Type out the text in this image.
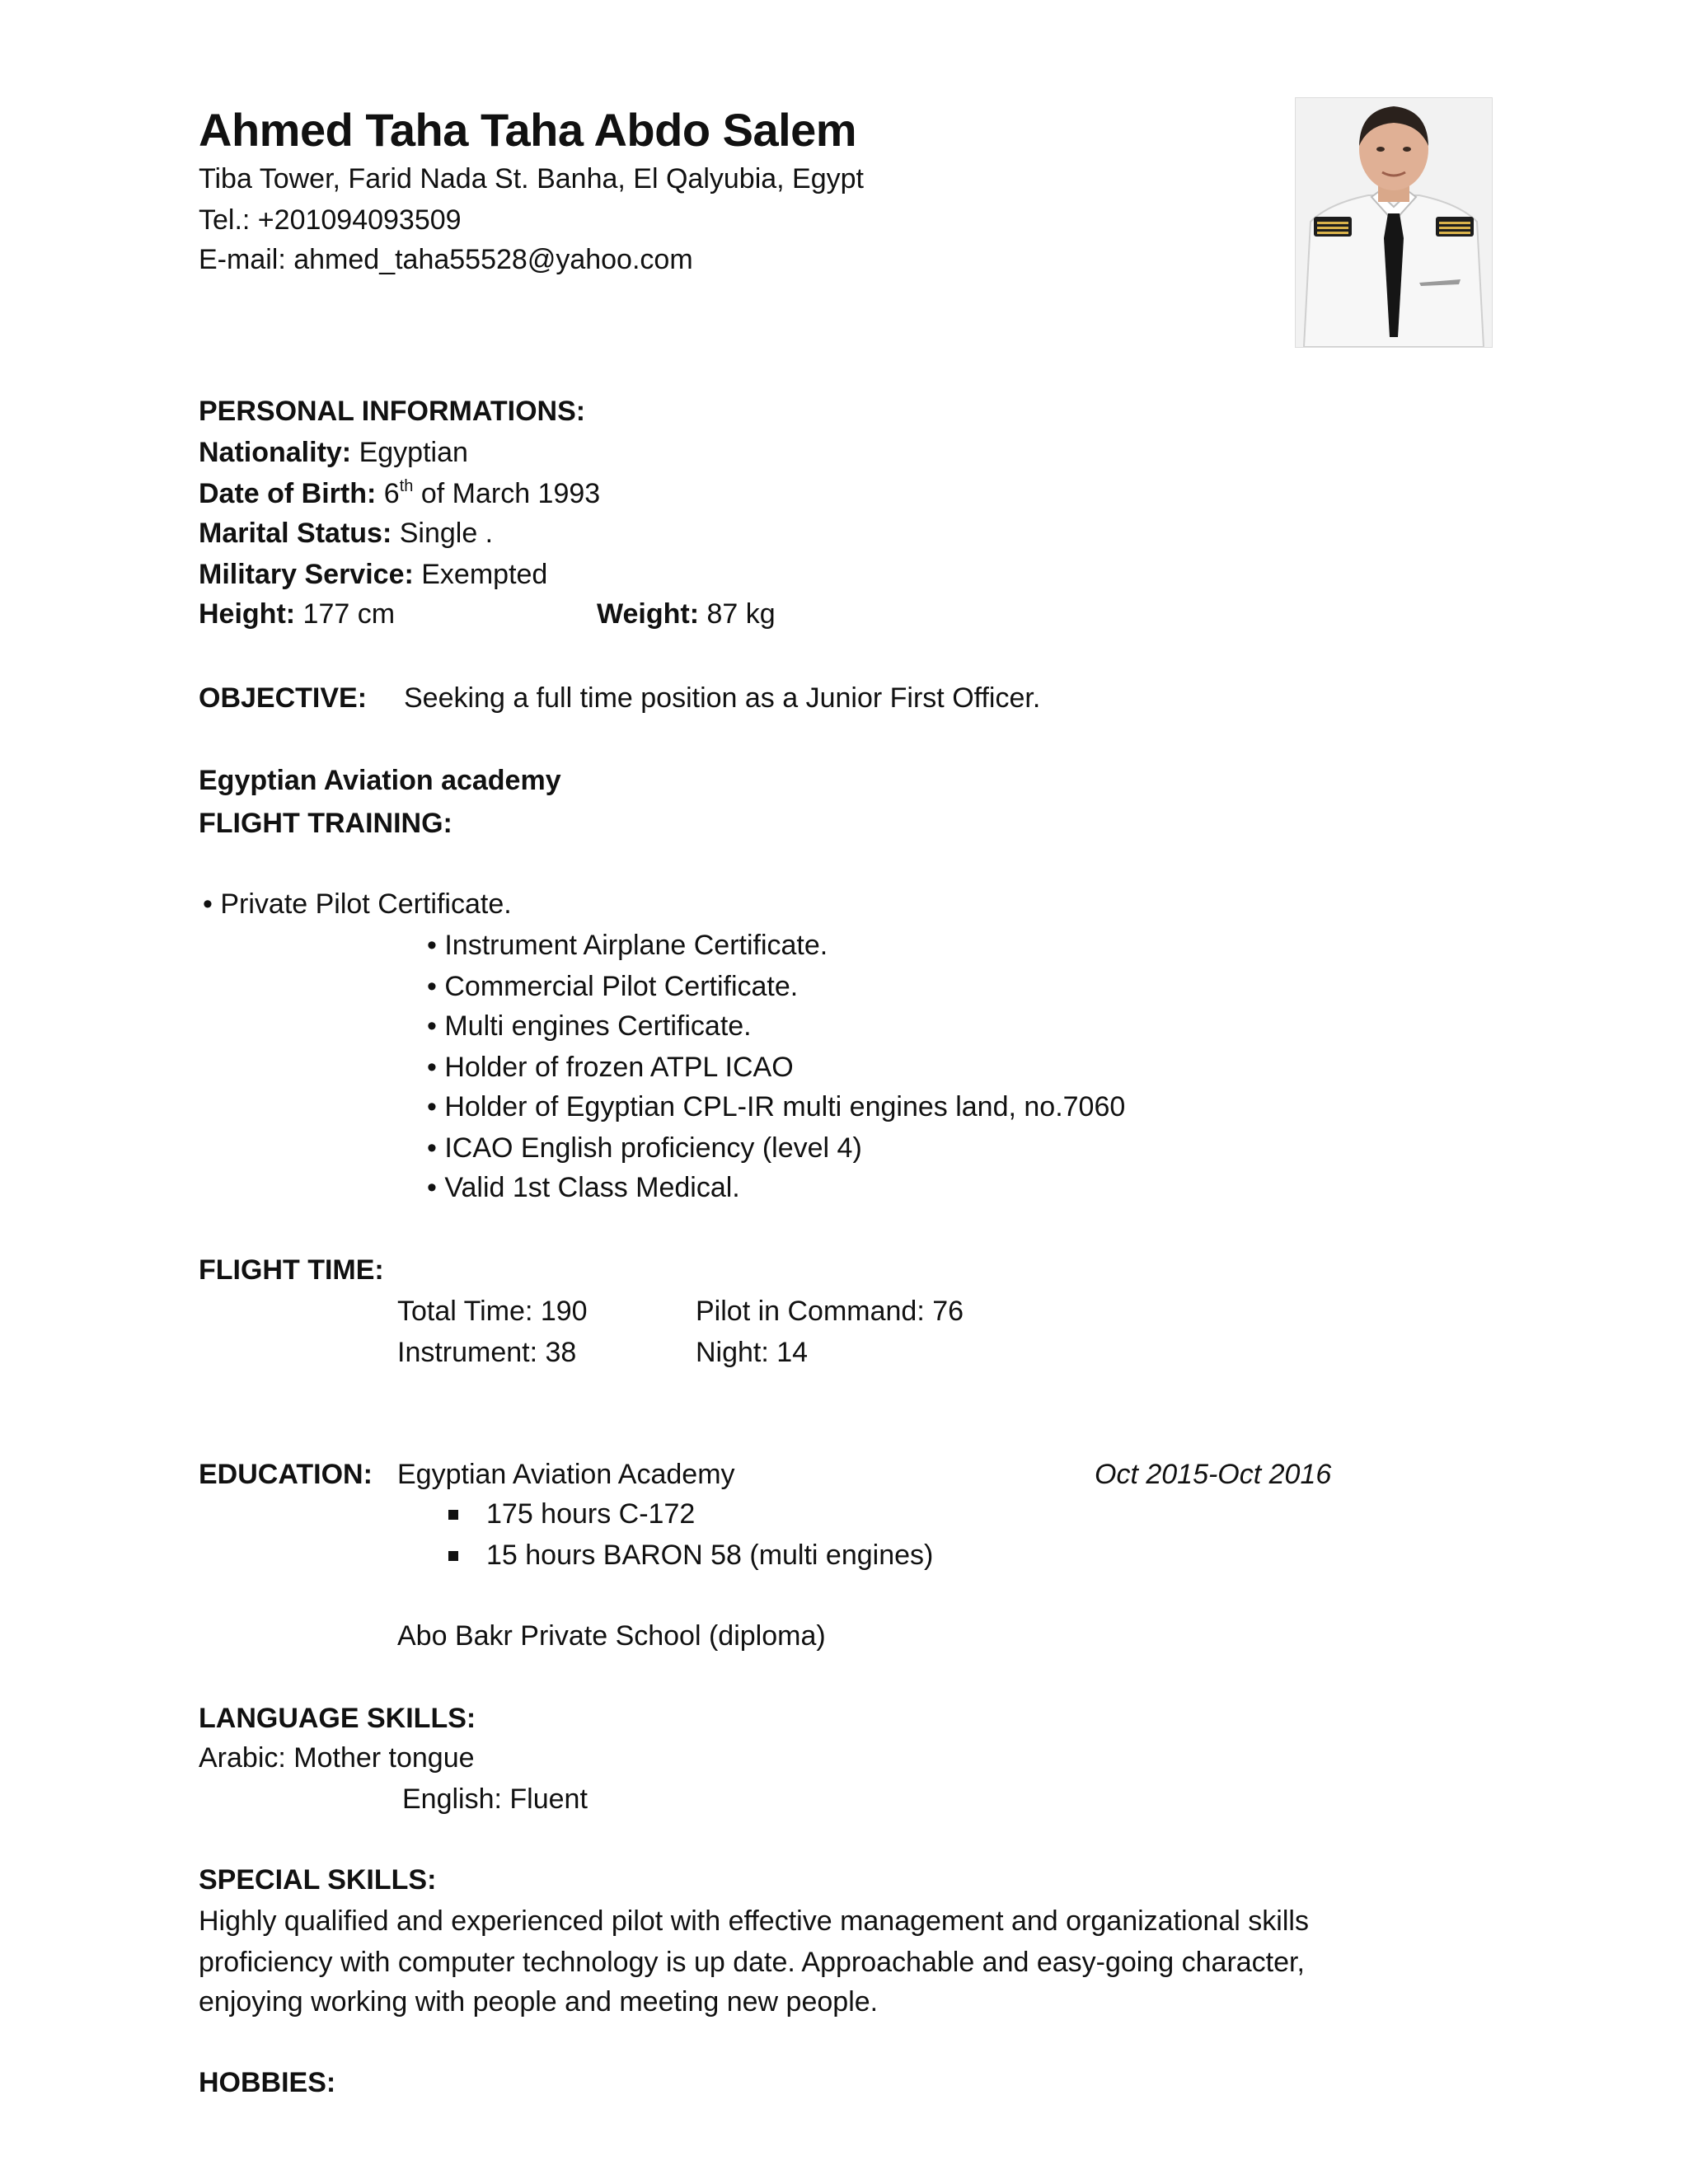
Ahmed Taha Taha Abdo Salem
Tiba Tower, Farid Nada St. Banha, El Qalyubia, Egypt
Tel.: +201094093509
E-mail: ahmed_taha55528@yahoo.com
PERSONAL INFORMATIONS:
Nationality: Egyptian
Date of Birth: 6th of March 1993
Marital Status: Single .
Military Service: Exempted
Height: 177 cm	Weight: 87 kg
OBJECTIVE: Seeking a full time position as a Junior First Officer.
Egyptian Aviation academy
FLIGHT TRAINING:
• Private Pilot Certificate.
• Instrument Airplane Certificate.
• Commercial Pilot Certificate.
• Multi engines Certificate.
• Holder of frozen ATPL ICAO
• Holder of Egyptian CPL-IR multi engines land, no.7060
• ICAO English proficiency (level 4)
• Valid 1st Class Medical.
FLIGHT TIME:
Total Time: 190	Pilot in Command: 76
Instrument: 38	Night: 14
EDUCATION: Egyptian Aviation Academy	Oct 2015-Oct 2016
175 hours C-172
15 hours BARON 58 (multi engines)
Abo Bakr Private School (diploma)
LANGUAGE SKILLS:
Arabic: Mother tongue
English: Fluent
SPECIAL SKILLS:
Highly qualified and experienced pilot with effective management and organizational skills
proficiency with computer technology is up date. Approachable and easy-going character,
enjoying working with people and meeting new people.
HOBBIES:
